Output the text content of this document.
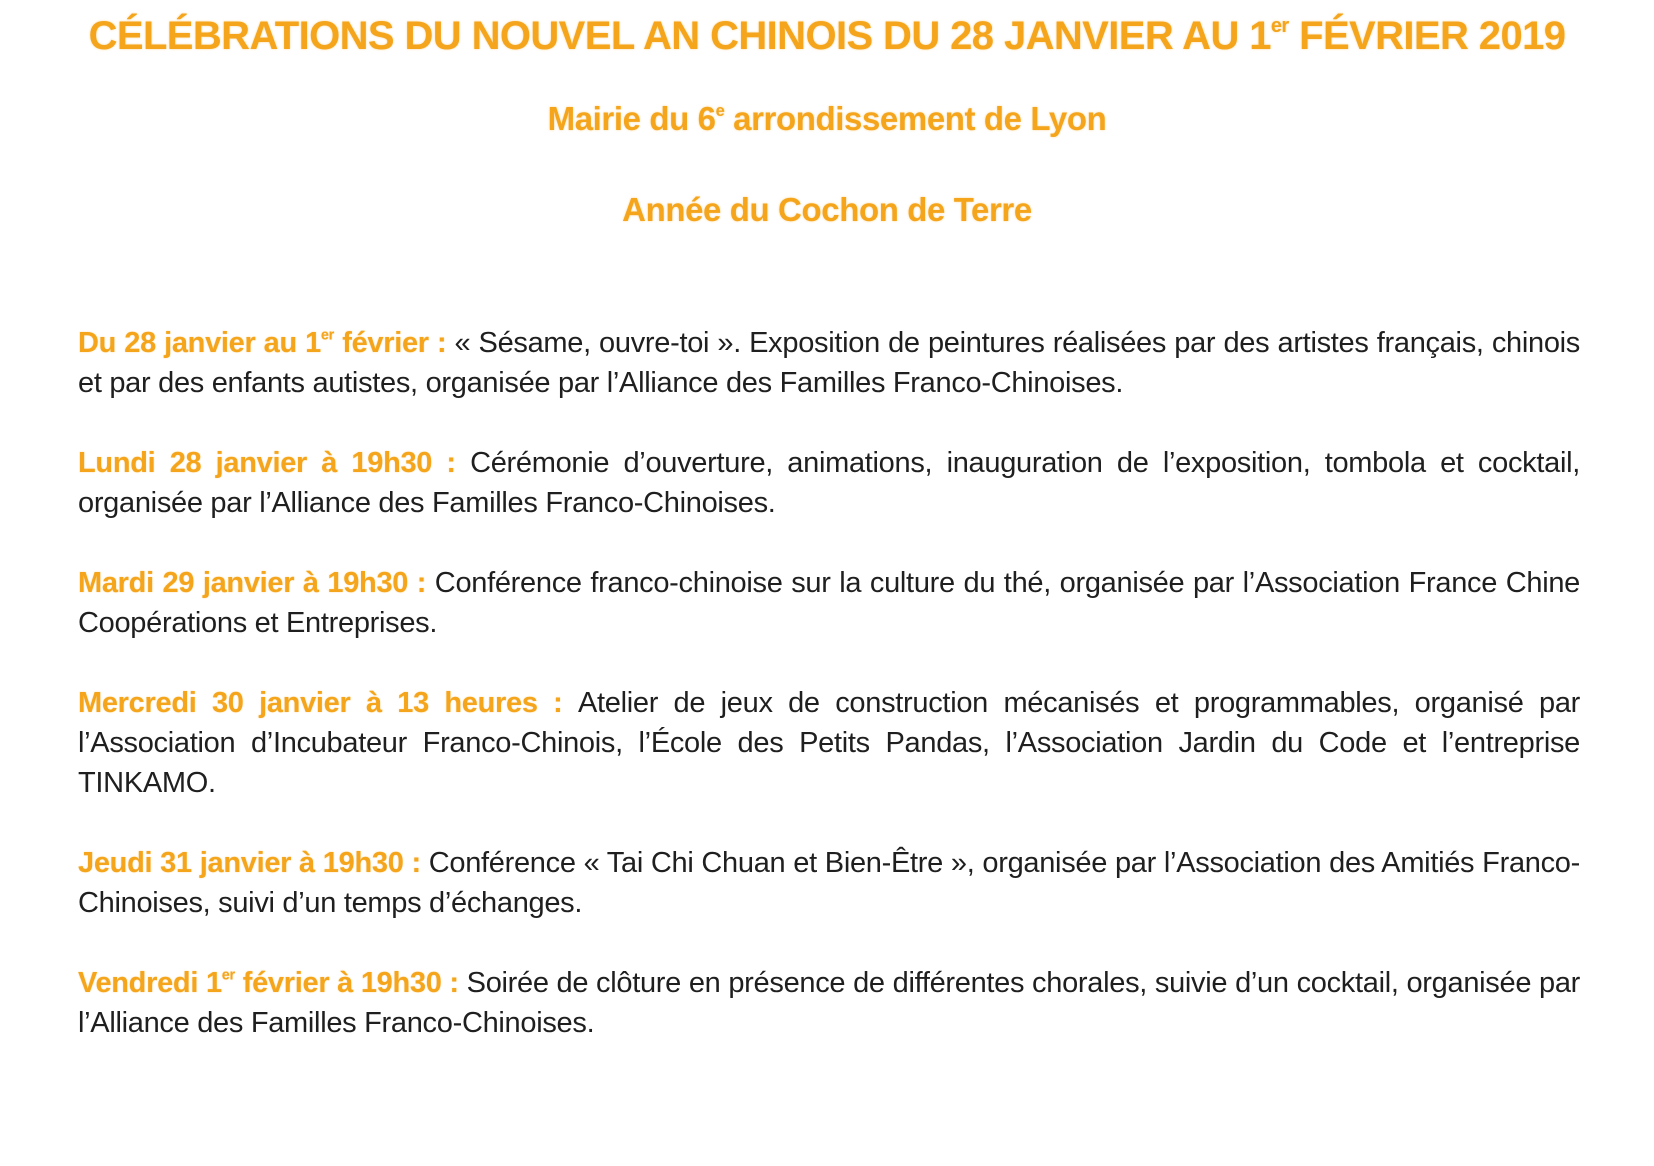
CÉLÉBRATIONS DU NOUVEL AN CHINOIS DU 28 JANVIER AU 1er FÉVRIER 2019
Mairie du 6e arrondissement de Lyon
Année du Cochon de Terre

Du 28 janvier au 1er février : « Sésame, ouvre-toi ». Exposition de peintures réalisées par des artistes français, chinois et par des enfants autistes, organisée par l’Alliance des Familles Franco-Chinoises.

Lundi 28 janvier à 19h30 : Cérémonie d’ouverture, animations, inauguration de l’exposition, tombola et cocktail, organisée par l’Alliance des Familles Franco-Chinoises.

Mardi 29 janvier à 19h30 : Conférence franco-chinoise sur la culture du thé, organisée par l’Association France Chine Coopérations et Entreprises.

Mercredi 30 janvier à 13 heures : Atelier de jeux de construction mécanisés et programmables, organisé par l’Association d’Incubateur Franco-Chinois, l’École des Petits Pandas, l’Association Jardin du Code et l’entreprise TINKAMO.

Jeudi 31 janvier à 19h30 : Conférence « Tai Chi Chuan et Bien-Être », organisée par l’Association des Amitiés Franco-Chinoises, suivi d’un temps d’échanges.

Vendredi 1er février à 19h30 : Soirée de clôture en présence de différentes chorales, suivie d’un cocktail, organisée par l’Alliance des Familles Franco-Chinoises.
